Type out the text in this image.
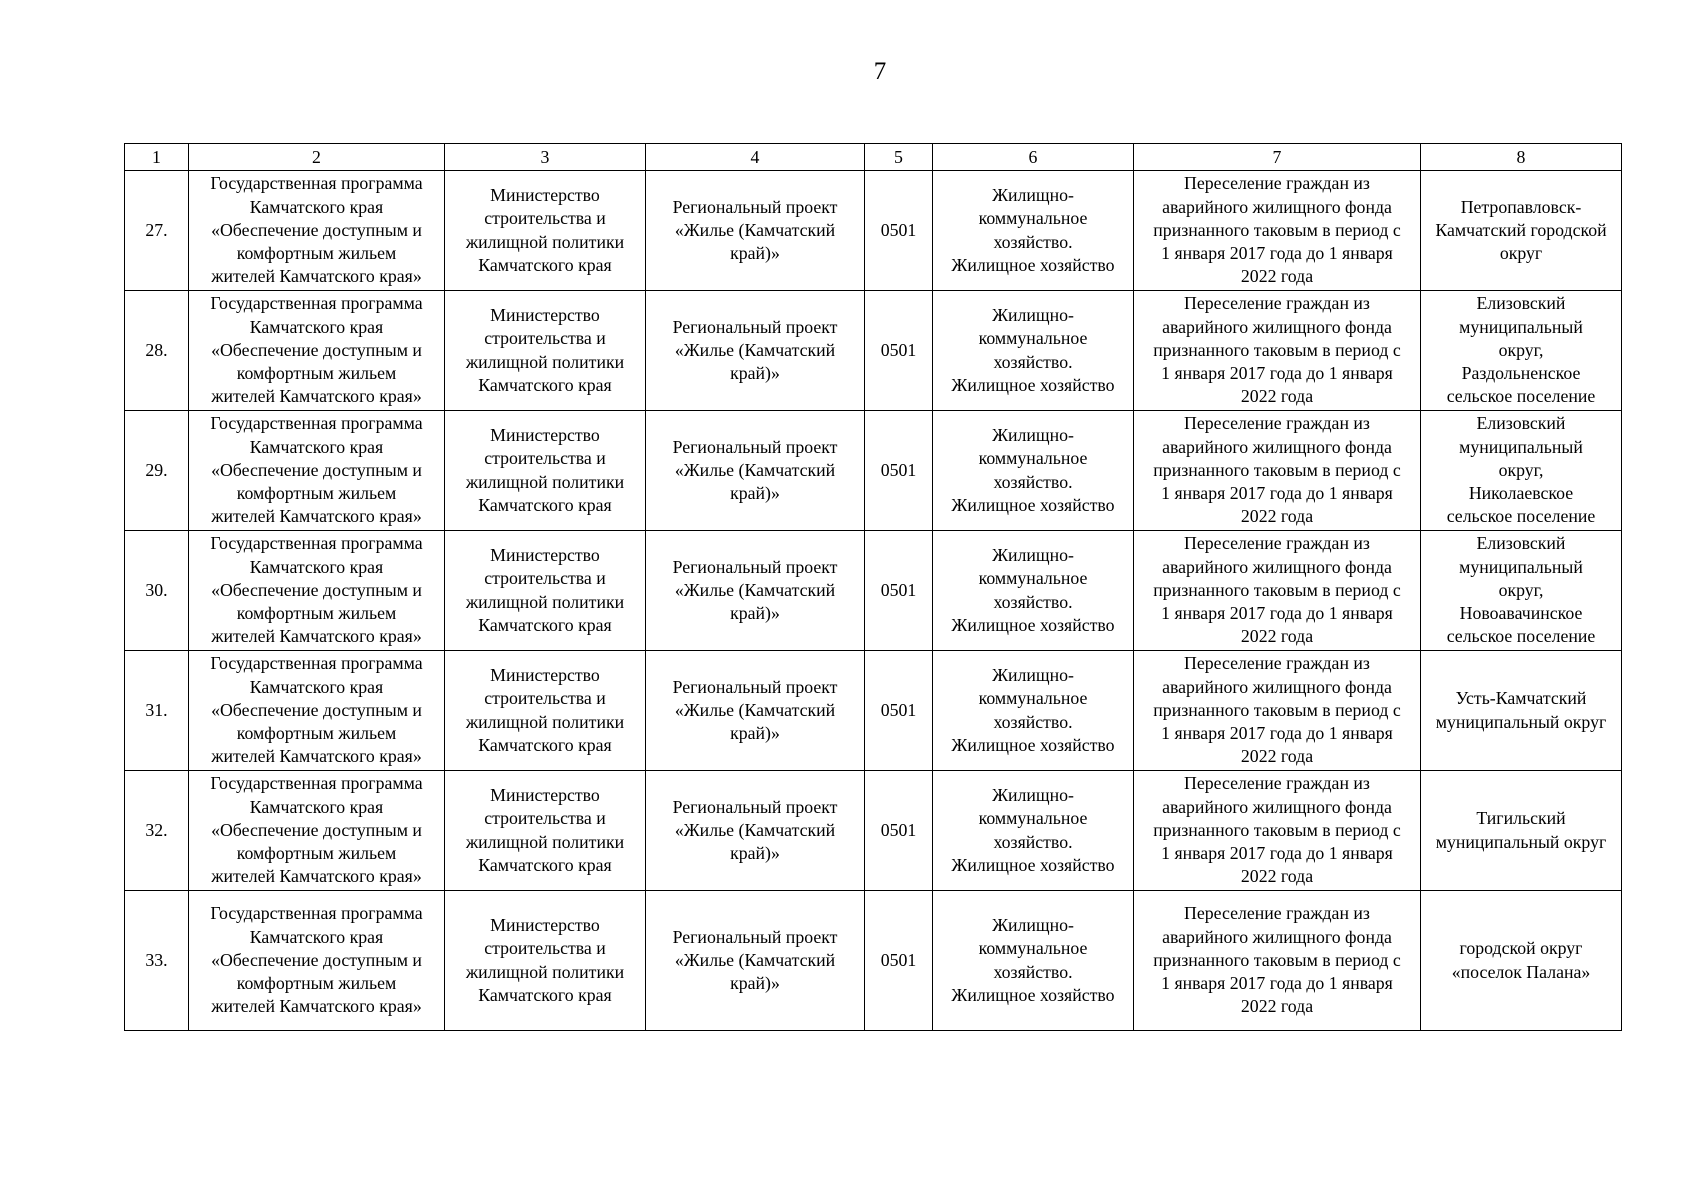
7
1	2	3	4	5	6	7	8
27.	Государственная программа
Камчатского края
«Обеспечение доступным и
комфортным жильем
жителей Камчатского края»	Министерство
строительства и
жилищной политики
Камчатского края	Региональный проект
«Жилье (Камчатский
край)»	0501	Жилищно-
коммунальное
хозяйство.
Жилищное хозяйство	Переселение граждан из
аварийного жилищного фонда
признанного таковым в период с
1 января 2017 года до 1 января
2022 года	Петропавловск-
Камчатский городской
округ

28.	Государственная программа
Камчатского края
«Обеспечение доступным и
комфортным жильем
жителей Камчатского края»	Министерство
строительства и
жилищной политики
Камчатского края	Региональный проект
«Жилье (Камчатский
край)»	0501	Жилищно-
коммунальное
хозяйство.
Жилищное хозяйство	Переселение граждан из
аварийного жилищного фонда
признанного таковым в период с
1 января 2017 года до 1 января
2022 года	Елизовский
муниципальный
округ,
Раздольненское
сельское поселение

29.	Государственная программа
Камчатского края
«Обеспечение доступным и
комфортным жильем
жителей Камчатского края»	Министерство
строительства и
жилищной политики
Камчатского края	Региональный проект
«Жилье (Камчатский
край)»	0501	Жилищно-
коммунальное
хозяйство.
Жилищное хозяйство	Переселение граждан из
аварийного жилищного фонда
признанного таковым в период с
1 января 2017 года до 1 января
2022 года	Елизовский
муниципальный
округ,
Николаевское
сельское поселение

30.	Государственная программа
Камчатского края
«Обеспечение доступным и
комфортным жильем
жителей Камчатского края»	Министерство
строительства и
жилищной политики
Камчатского края	Региональный проект
«Жилье (Камчатский
край)»	0501	Жилищно-
коммунальное
хозяйство.
Жилищное хозяйство	Переселение граждан из
аварийного жилищного фонда
признанного таковым в период с
1 января 2017 года до 1 января
2022 года	Елизовский
муниципальный
округ,
Новоавачинское
сельское поселение

31.	Государственная программа
Камчатского края
«Обеспечение доступным и
комфортным жильем
жителей Камчатского края»	Министерство
строительства и
жилищной политики
Камчатского края	Региональный проект
«Жилье (Камчатский
край)»	0501	Жилищно-
коммунальное
хозяйство.
Жилищное хозяйство	Переселение граждан из
аварийного жилищного фонда
признанного таковым в период с
1 января 2017 года до 1 января
2022 года	Усть-Камчатский
муниципальный округ

32.	Государственная программа
Камчатского края
«Обеспечение доступным и
комфортным жильем
жителей Камчатского края»	Министерство
строительства и
жилищной политики
Камчатского края	Региональный проект
«Жилье (Камчатский
край)»	0501	Жилищно-
коммунальное
хозяйство.
Жилищное хозяйство	Переселение граждан из
аварийного жилищного фонда
признанного таковым в период с
1 января 2017 года до 1 января
2022 года	Тигильский
муниципальный округ

33.	Государственная программа
Камчатского края
«Обеспечение доступным и
комфортным жильем
жителей Камчатского края»	Министерство
строительства и
жилищной политики
Камчатского края	Региональный проект
«Жилье (Камчатский
край)»	0501	Жилищно-
коммунальное
хозяйство.
Жилищное хозяйство	Переселение граждан из
аварийного жилищного фонда
признанного таковым в период с
1 января 2017 года до 1 января
2022 года	городской округ
«поселок Палана»
